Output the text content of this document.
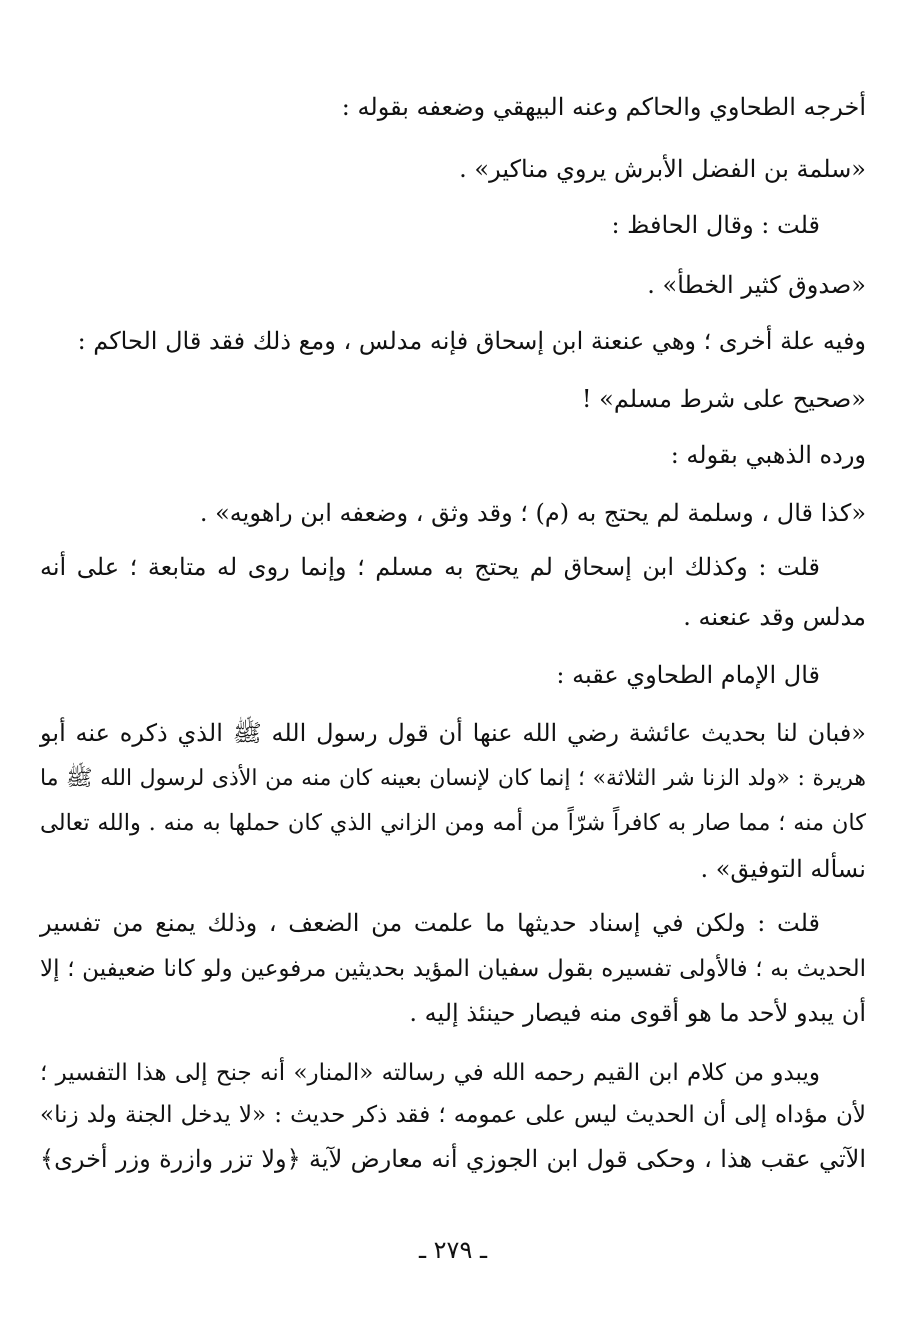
أخرجه الطحاوي والحاكم وعنه البيهقي وضعفه بقوله :
«سلمة بن الفضل الأبرش يروي مناكير» .
قلت : وقال الحافظ :
«صدوق كثير الخطأ» .
وفيه علة أخرى ؛ وهي عنعنة ابن إسحاق فإنه مدلس ، ومع ذلك فقد قال الحاكم :
«صحيح على شرط مسلم» !
ورده الذهبي بقوله :
«كذا قال ، وسلمة لم يحتج به (م) ؛ وقد وثق ، وضعفه ابن راهويه» .
قلت : وكذلك ابن إسحاق لم يحتج به مسلم ؛ وإنما روى له متابعة ؛ على أنه
مدلس وقد عنعنه .
قال الإمام الطحاوي عقبه :
«فبان لنا بحديث عائشة رضي الله عنها أن قول رسول الله ﷺ الذي ذكره عنه أبو
هريرة : «ولد الزنا شر الثلاثة» ؛ إنما كان لإنسان بعينه كان منه من الأذى لرسول الله ﷺ ما
كان منه ؛ مما صار به كافراً شرّاً من أمه ومن الزاني الذي كان حملها به منه . والله تعالى
نسأله التوفيق» .
قلت : ولكن في إسناد حديثها ما علمت من الضعف ، وذلك يمنع من تفسير
الحديث به ؛ فالأولى تفسيره بقول سفيان المؤيد بحديثين مرفوعين ولو كانا ضعيفين ؛ إلا
أن يبدو لأحد ما هو أقوى منه فيصار حينئذ إليه .
ويبدو من كلام ابن القيم رحمه الله في رسالته «المنار» أنه جنح إلى هذا التفسير ؛
لأن مؤداه إلى أن الحديث ليس على عمومه ؛ فقد ذكر حديث : «لا يدخل الجنة ولد زنا»
الآتي عقب هذا ، وحكى قول ابن الجوزي أنه معارض لآية ﴿ولا تزر وازرة وزر أخرى﴾
ـ ٢٧٩ ـ
